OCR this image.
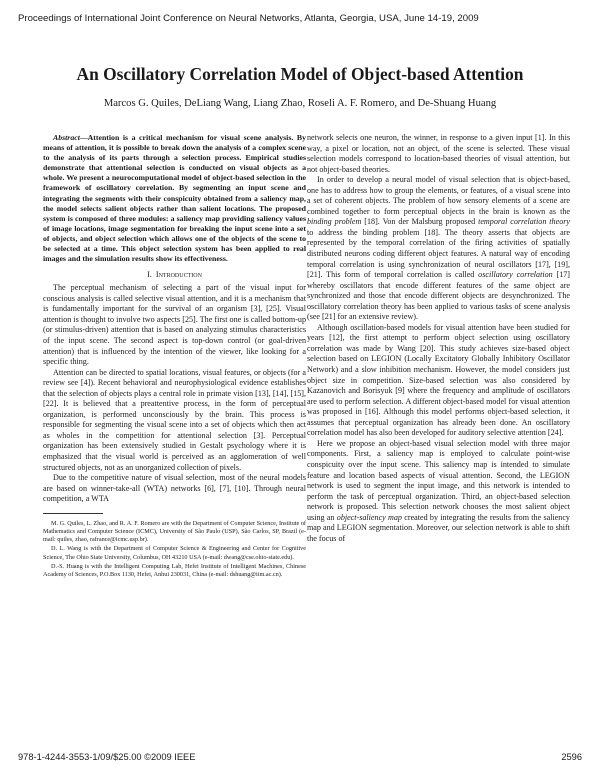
Proceedings of International Joint Conference on Neural Networks, Atlanta, Georgia, USA, June 14-19, 2009
An Oscillatory Correlation Model of Object-based Attention
Marcos G. Quiles, DeLiang Wang, Liang Zhao, Roseli A. F. Romero, and De-Shuang Huang

Abstract—Attention is a critical mechanism for visual scene analysis. By means of attention, it is possible to break down the analysis of a complex scene to the analysis of its parts through a selection process. Empirical studies demonstrate that attentional selection is conducted on visual objects as a whole. We present a neurocomputational model of object-based selection in the framework of oscillatory correlation. By segmenting an input scene and integrating the segments with their conspicuity obtained from a saliency map, the model selects salient objects rather than salient locations. The proposed system is composed of three modules: a saliency map providing saliency values of image locations, image segmentation for breaking the input scene into a set of objects, and object selection which allows one of the objects of the scene to be selected at a time. This object selection system has been applied to real images and the simulation results show its effectiveness.

I. Introduction

The perceptual mechanism of selecting a part of the visual input for conscious analysis is called selective visual attention, and it is a mechanism that is fundamentally important for the survival of an organism [3], [25]. Visual attention is thought to involve two aspects [25]. The first one is called bottom-up (or stimulus-driven) attention that is based on analyzing stimulus characteristics of the input scene. The second aspect is top-down control (or goal-driven attention) that is influenced by the intention of the viewer, like looking for a specific thing.

Attention can be directed to spatial locations, visual features, or objects (for a review see [4]). Recent behavioral and neurophysiological evidence establishes that the selection of objects plays a central role in primate vision [13], [14], [15], [22]. It is believed that a preattentive process, in the form of perceptual organization, is performed unconsciously by the brain. This process is responsible for segmenting the visual scene into a set of objects which then act as wholes in the competition for attentional selection [3]. Perceptual organization has been extensively studied in Gestalt psychology where it is emphasized that the visual world is perceived as an agglomeration of well structured objects, not as an unorganized collection of pixels.

Due to the competitive nature of visual selection, most of the neural models are based on winner-take-all (WTA) networks [6], [7], [10]. Through neural competition, a WTA

M. G. Quiles, L. Zhao, and R. A. F. Romero are with the Department of Computer Science, Institute of Mathematics and Computer Science (ICMC), University of São Paulo (USP), São Carlos, SP, Brazil (e-mail: quiles, zhao, rafrance@icmc.usp.br).

D. L. Wang is with the Department of Computer Science & Engineering and Center for Cognitive Science, The Ohio State University, Columbus, OH 43210 USA (e-mail: dwang@cse.ohio-state.edu).

D.-S. Huang is with the Intelligent Computing Lab, Hefei Institute of Intelligent Machines, Chinese Academy of Sciences, P.O.Box 1130, Hefei, Anhui 230031, China (e-mail: dshuang@iim.ac.cn).

network selects one neuron, the winner, in response to a given input [1]. In this way, a pixel or location, not an object, of the scene is selected. These visual selection models correspond to location-based theories of visual attention, but not object-based theories.

In order to develop a neural model of visual selection that is object-based, one has to address how to group the elements, or features, of a visual scene into a set of coherent objects. The problem of how sensory elements of a scene are combined together to form perceptual objects in the brain is known as the binding problem [18]. Von der Malsburg proposed temporal correlation theory to address the binding problem [18]. The theory asserts that objects are represented by the temporal correlation of the firing activities of spatially distributed neurons coding different object features. A natural way of encoding temporal correlation is using synchronization of neural oscillators [17], [19], [21]. This form of temporal correlation is called oscillatory correlation [17] whereby oscillators that encode different features of the same object are synchronized and those that encode different objects are desynchronized. The oscillatory correlation theory has been applied to various tasks of scene analysis (see [21] for an extensive review).

Although oscillation-based models for visual attention have been studied for years [12], the first attempt to perform object selection using oscillatory correlation was made by Wang [20]. This study achieves size-based object selection based on LEGION (Locally Excitatory Globally Inhibitory Oscillator Network) and a slow inhibition mechanism. However, the model considers just object size in competition. Size-based selection was also considered by Kazanovich and Borisyuk [9] where the frequency and amplitude of oscillators are used to perform selection. A different object-based model for visual attention was proposed in [16]. Although this model performs object-based selection, it assumes that perceptual organization has already been done. An oscillatory correlation model has also been developed for auditory selective attention [24].

Here we propose an object-based visual selection model with three major components. First, a saliency map is employed to calculate point-wise conspicuity over the input scene. This saliency map is intended to simulate feature and location based aspects of visual attention. Second, the LEGION network is used to segment the input image, and this network is intended to perform the task of perceptual organization. Third, an object-based selection network is proposed. This selection network chooses the most salient object using an object-saliency map created by integrating the results from the saliency map and LEGION segmentation. Moreover, our selection network is able to shift the focus of

978-1-4244-3553-1/09/$25.00 ©2009 IEEE	2596
